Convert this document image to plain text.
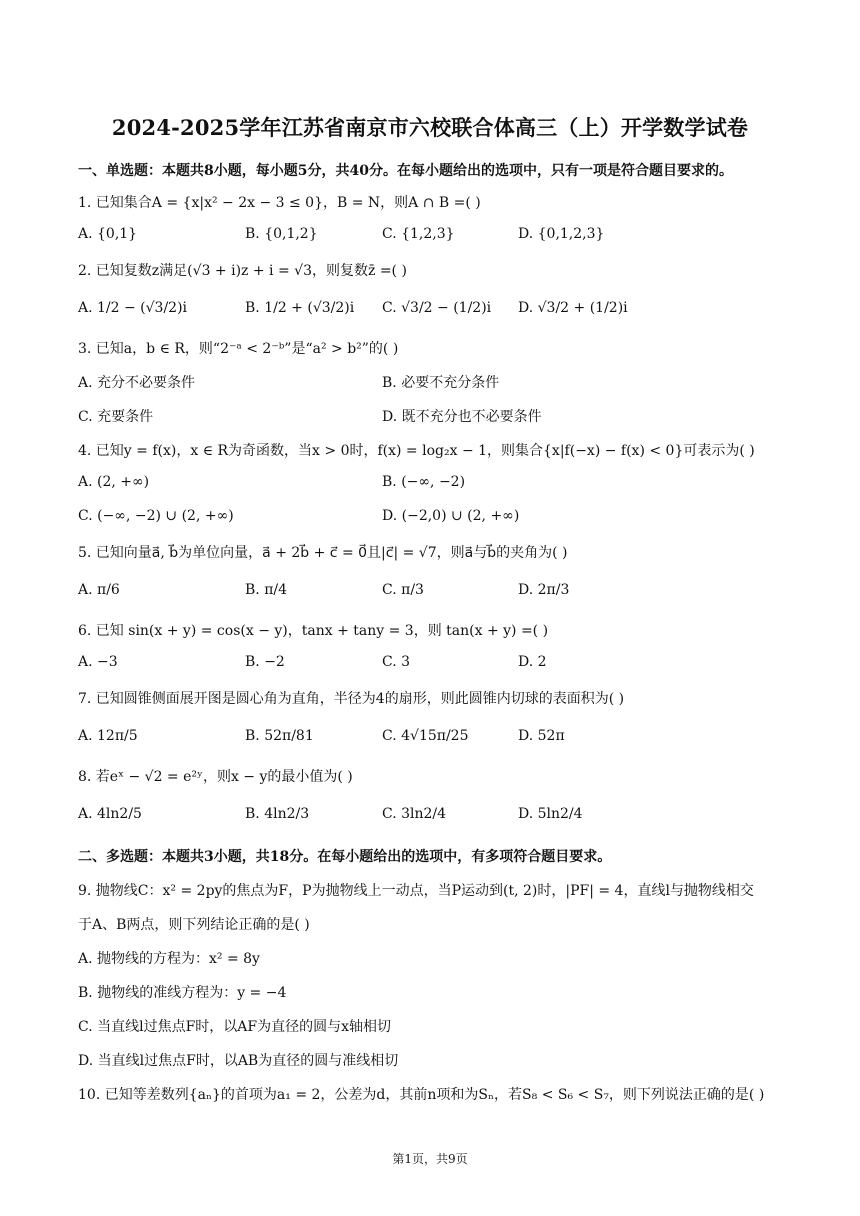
2024-2025学年江苏省南京市六校联合体高三（上）开学数学试卷
一、单选题：本题共8小题，每小题5分，共40分。在每小题给出的选项中，只有一项是符合题目要求的。
1. 已知集合A = {x|x² − 2x − 3 ≤ 0}，B = N，则A ∩ B =( )
A. {0,1}	B. {0,1,2}	C. {1,2,3}	D. {0,1,2,3}
2. 已知复数z满足(√3 + i)z + i = √3，则复数z̄ =( )
A. 1/2 − (√3/2)i	B. 1/2 + (√3/2)i C. √3/2 − (1/2)i D. √3/2 + (1/2)i
3. 已知a，b ∈ R，则“2⁻ᵃ < 2⁻ᵇ”是“a² > b²”的( )
A. 充分不必要条件	B. 必要不充分条件
C. 充要条件	D. 既不充分也不必要条件
4. 已知y = f(x)，x ∈ R为奇函数，当x > 0时，f(x) = log₂x − 1，则集合{x|f(−x) − f(x) < 0}可表示为( )
A. (2, +∞)	B. (−∞, −2)
C. (−∞, −2) ∪ (2, +∞)	D. (−2,0) ∪ (2, +∞)
5. 已知向量a⃗, b⃗为单位向量，a⃗ + 2b⃗ + c⃗ = 0⃗且|c⃗| = √7，则a⃗与b⃗的夹角为( )
A. π/6	B. π/4	C. π/3	D. 2π/3
6. 已知 sin(x + y) = cos(x − y)，tanx + tany = 3，则 tan(x + y) =( )
A. −3	B. −2	C. 3	D. 2
7. 已知圆锥侧面展开图是圆心角为直角，半径为4的扇形，则此圆锥内切球的表面积为( )
A. 12π/5	B. 52π/81	C. 4√15π/25	D. 52π
8. 若eˣ − √2 = e²ʸ，则x − y的最小值为( )
A. 4ln2/5	B. 4ln2/3	C. 3ln2/4	D. 5ln2/4
二、多选题：本题共3小题，共18分。在每小题给出的选项中，有多项符合题目要求。
9. 抛物线C：x² = 2py的焦点为F，P为抛物线上一动点，当P运动到(t, 2)时，|PF| = 4，直线l与抛物线相交
于A、B两点，则下列结论正确的是( )
A. 抛物线的方程为：x² = 8y
B. 抛物线的准线方程为：y = −4
C. 当直线l过焦点F时，以AF为直径的圆与x轴相切
D. 当直线l过焦点F时，以AB为直径的圆与准线相切
10. 已知等差数列{aₙ}的首项为a₁ = 2，公差为d，其前n项和为Sₙ，若S₈ < S₆ < S₇，则下列说法正确的是( )
第1页，共9页
